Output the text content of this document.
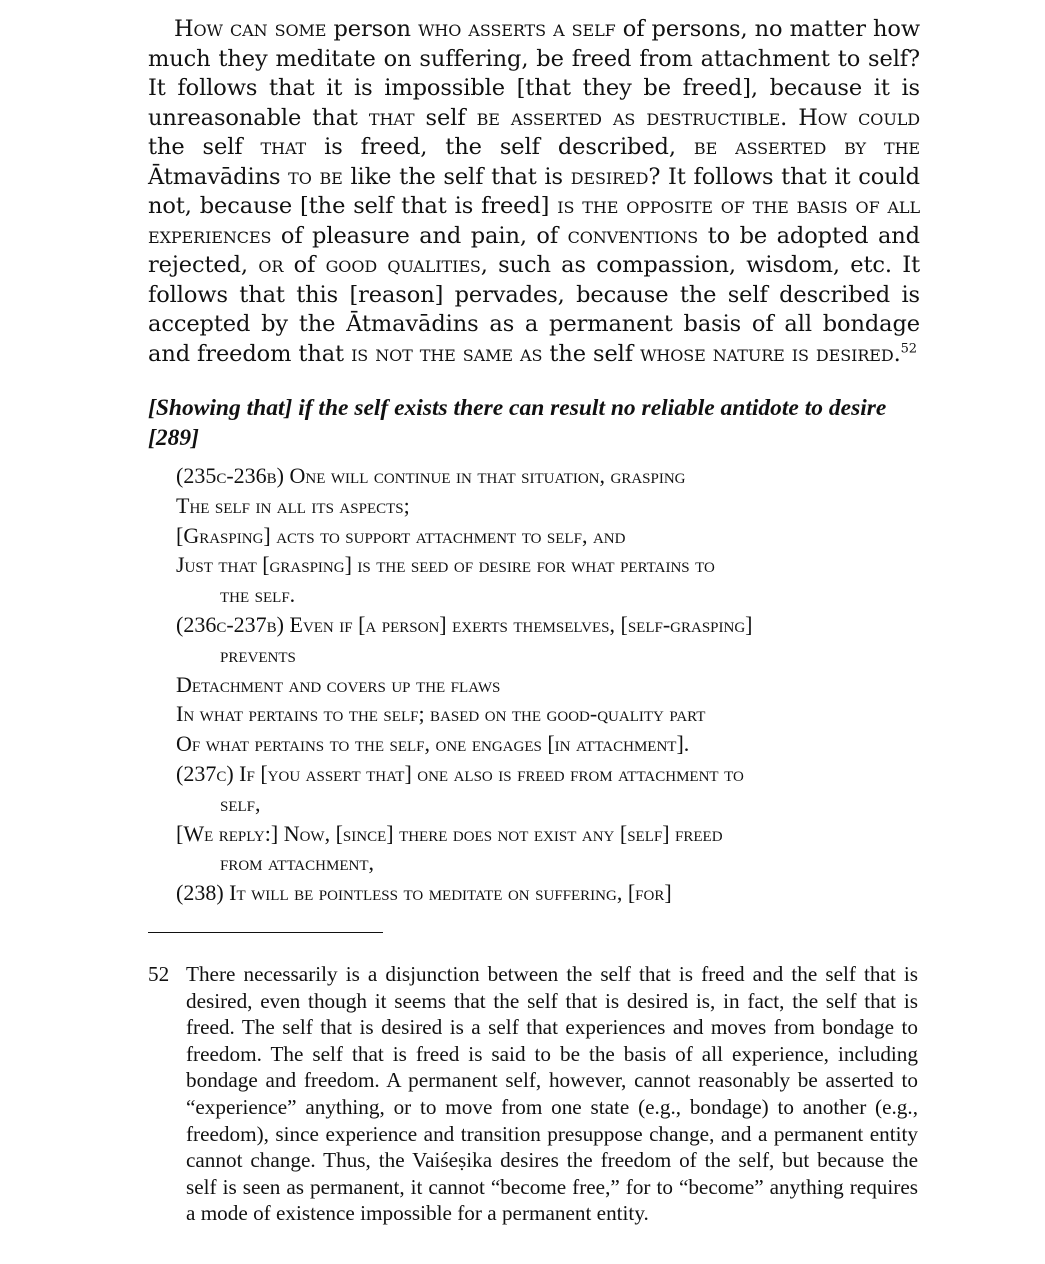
How can some person who asserts a self of persons, no matter how much they meditate on suffering, be freed from attachment to self? It follows that it is impossible [that they be freed], because it is unreasonable that that self be asserted as destructible. How could the self that is freed, the self described, be asserted by the Ātmavādins to be like the self that is desired? It follows that it could not, because [the self that is freed] is the opposite of the basis of all experiences of pleasure and pain, of conventions to be adopted and rejected, or of good qualities, such as compassion, wisdom, etc. It follows that this [reason] pervades, because the self described is accepted by the Ātmavādins as a permanent basis of all bondage and freedom that is not the same as the self whose nature is desired.$^{52}$

[Showing that] if the self exists there can result no reliable antidote to desire [289]
(235c-236b) One will continue in that situation, grasping
The self in all its aspects;
[Grasping] acts to support attachment to self, and
Just that [grasping] is the seed of desire for what pertains to
the self.
(236c-237b) Even if [a person] exerts themselves, [self-grasping]
prevents
Detachment and covers up the flaws
In what pertains to the self; based on the good-quality part
Of what pertains to the self, one engages [in attachment].
(237c) If [you assert that] one also is freed from attachment to
self,
[We reply:] Now, [since] there does not exist any [self] freed
from attachment,
(238) It will be pointless to meditate on suffering, [for]
52 There necessarily is a disjunction between the self that is freed and the self that is desired, even though it seems that the self that is desired is, in fact, the self that is freed. The self that is desired is a self that experiences and moves from bondage to freedom. The self that is freed is said to be the basis of all experience, including bondage and freedom. A permanent self, however, cannot reasonably be asserted to “experience” anything, or to move from one state (e.g., bondage) to another (e.g., freedom), since experience and transition presuppose change, and a permanent entity cannot change. Thus, the Vaiśeṣika desires the freedom of the self, but because the self is seen as permanent, it cannot “become free,” for to “become” anything requires a mode of existence impossible for a permanent entity.
